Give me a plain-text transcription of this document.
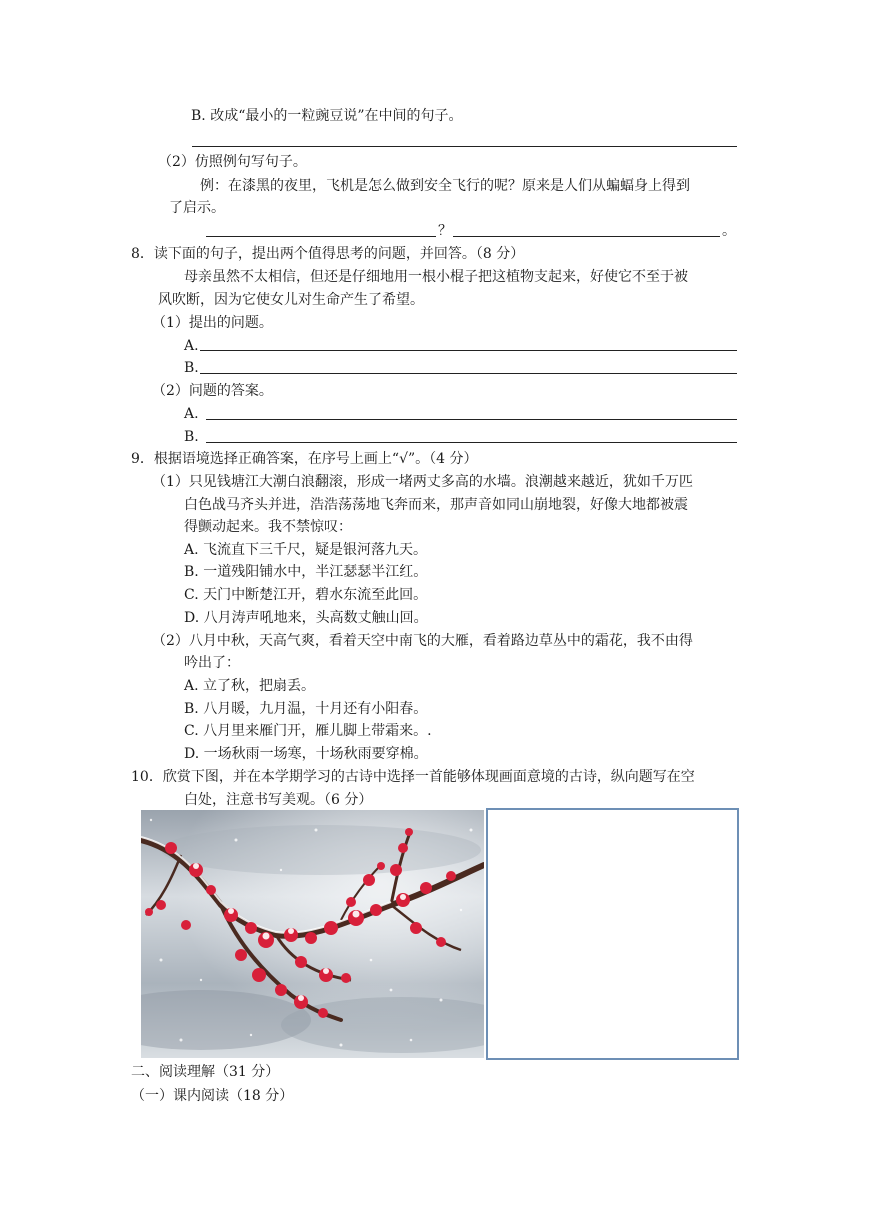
B. 改成“最小的一粒豌豆说”在中间的句子。
（2）仿照例句写句子。
例：在漆黑的夜里，飞机是怎么做到安全飞行的呢？原来是人们从蝙蝠身上得到
了启示。
？	。
8．读下面的句子，提出两个值得思考的问题，并回答。（8 分）
母亲虽然不太相信，但还是仔细地用一根小棍子把这植物支起来，好使它不至于被
风吹断，因为它使女儿对生命产生了希望。
（1）提出的问题。
A.
B.
（2）问题的答案。
A.
B.
9．根据语境选择正确答案，在序号上画上“√”。（4 分）
（1）只见钱塘江大潮白浪翻滚，形成一堵两丈多高的水墙。浪潮越来越近，犹如千万匹
白色战马齐头并进，浩浩荡荡地飞奔而来，那声音如同山崩地裂，好像大地都被震
得颤动起来。我不禁惊叹：
A. 飞流直下三千尺，疑是银河落九天。
B. 一道残阳铺水中，半江瑟瑟半江红。
C. 天门中断楚江开，碧水东流至此回。
D. 八月涛声吼地来，头高数丈触山回。
（2）八月中秋，天高气爽，看着天空中南飞的大雁，看着路边草丛中的霜花，我不由得
吟出了：
A. 立了秋，把扇丢。
B. 八月暖，九月温，十月还有小阳春。
C. 八月里来雁门开，雁儿脚上带霜来。.
D. 一场秋雨一场寒，十场秋雨要穿棉。
10．欣赏下图，并在本学期学习的古诗中选择一首能够体现画面意境的古诗，纵向题写在空
白处，注意书写美观。（6 分）
二、阅读理解（31 分）
（一）课内阅读（18 分）
